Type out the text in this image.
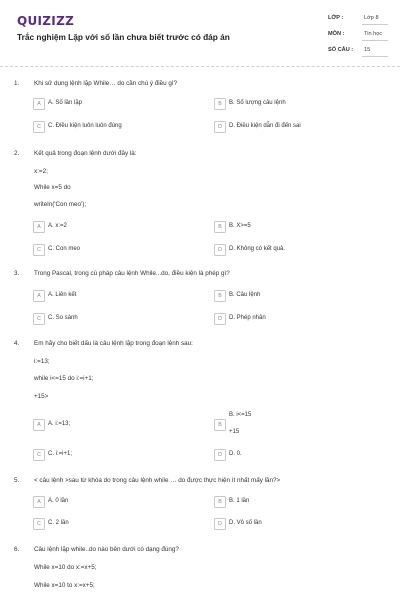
QUIZIZZ
Trắc nghiệm Lặp với số lần chưa biết trước có đáp án
LỚP :	Lớp 8
MÔN :	Tin học
SỐ CÂU : 15
1. Khi sử dụng lệnh lặp While… do cần chú ý điều gì?
A	A. Số lần lặp	B	B. Số lượng câu lệnh
C	C. Điều kiện luôn luôn đúng	D	D. Điều kiện dẫn đi đến sai
2. Kết quả trong đoạn lệnh dưới đây là:
x:=2;
While x=5 do
writeln('Con meo');
A	A. x:=2	B	B. X>=5
C	C. Con meo	D	D. Không có kết quả.
3. Trong Pascal, trong cú pháp câu lệnh While...do, điều kiện là phép gì?
A	A. Liên kết	B	B. Câu lệnh
C	C. So sánh	D	D. Phép nhân
4. Em hãy cho biết dấu là câu lệnh lặp trong đoạn lệnh sau:
i:=13;
while i<=15 do i:=i+1;
+15>
A	A. i:=13;	B
B. i<=15
+15
C	C. i:=i+1;	D	D. 0.
5. < câu lệnh >sau từ khóa do trong câu lệnh while … do được thực hiện ít nhất mấy lần?>
A	A. 0 lần	B	B. 1 lần
C	C. 2 lần	D	D. Vô số lần
6. Câu lệnh lặp while..do nào bên dưới có dạng đúng?
While x=10 do x:=x+5;
While x=10 to x:=x+5;
